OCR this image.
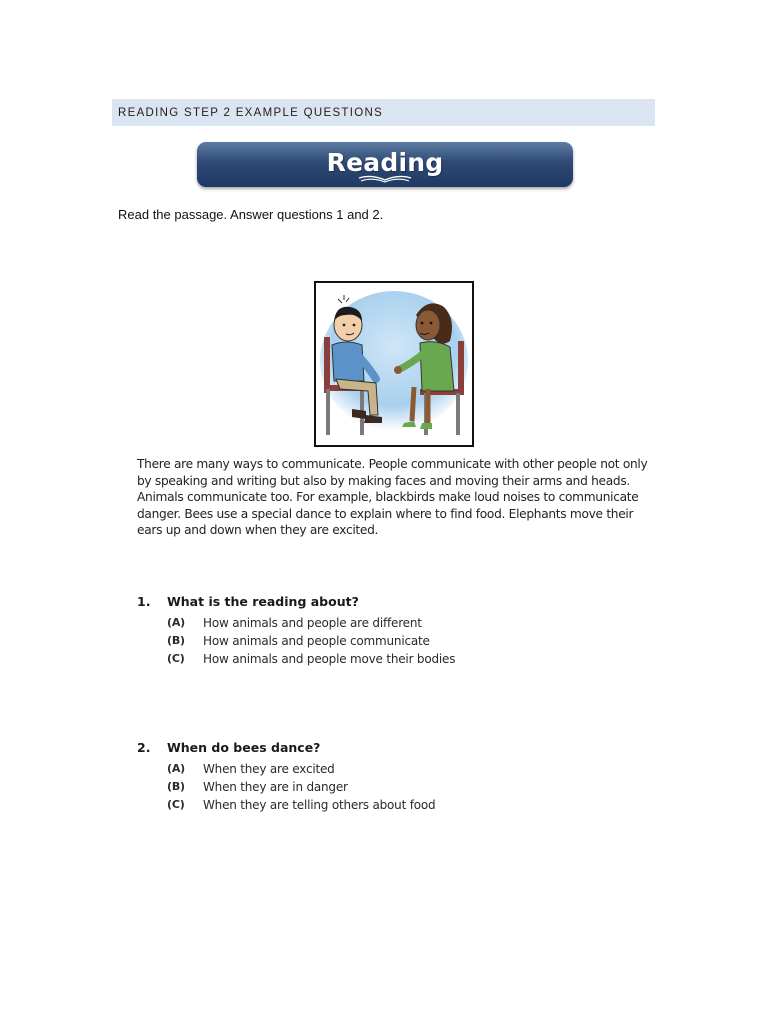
READING STEP 2 EXAMPLE QUESTIONS
Reading
Read the passage. Answer questions 1 and 2.
There are many ways to communicate. People communicate with other people not only by speaking and writing but also by making faces and moving their arms and heads. Animals communicate too. For example, blackbirds make loud noises to communicate danger. Bees use a special dance to explain where to find food. Elephants move their ears up and down when they are excited.
1.	What is the reading about?
(A)	How animals and people are different
(B)	How animals and people communicate
(C)	How animals and people move their bodies
2.	When do bees dance?
(A)	When they are excited
(B)	When they are in danger
(C)	When they are telling others about food
